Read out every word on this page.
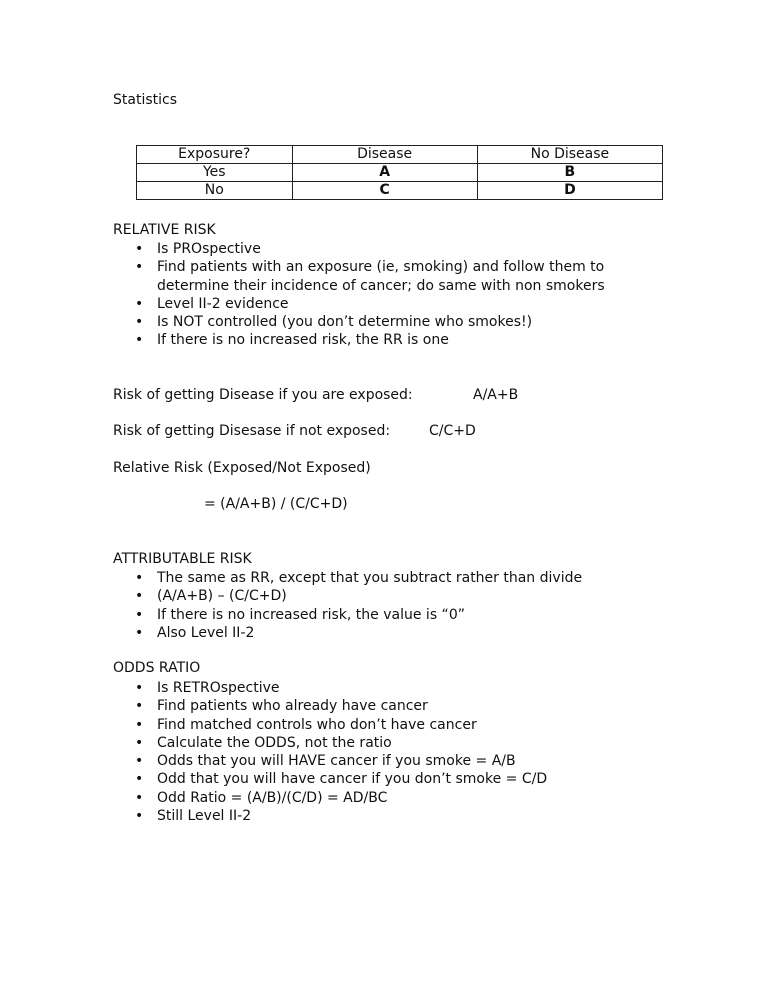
Statistics
Exposure?	Disease	No Disease
Yes	A	B
No	C	D
RELATIVE RISK
• Is PROspective
• Find patients with an exposure (ie, smoking) and follow them to determine their incidence of cancer; do same with non smokers
• Level II-2 evidence
• Is NOT controlled (you don’t determine who smokes!)
• If there is no increased risk, the RR is one
Risk of getting Disease if you are exposed:	A/A+B
Risk of getting Disesase if not exposed:	C/C+D
Relative Risk (Exposed/Not Exposed)
= (A/A+B) / (C/C+D)
ATTRIBUTABLE RISK
• The same as RR, except that you subtract rather than divide
• (A/A+B) – (C/C+D)
• If there is no increased risk, the value is “0”
• Also Level II-2
ODDS RATIO
• Is RETROspective
• Find patients who already have cancer
• Find matched controls who don’t have cancer
• Calculate the ODDS, not the ratio
• Odds that you will HAVE cancer if you smoke = A/B
• Odd that you will have cancer if you don’t smoke = C/D
• Odd Ratio = (A/B)/(C/D) = AD/BC
• Still Level II-2
